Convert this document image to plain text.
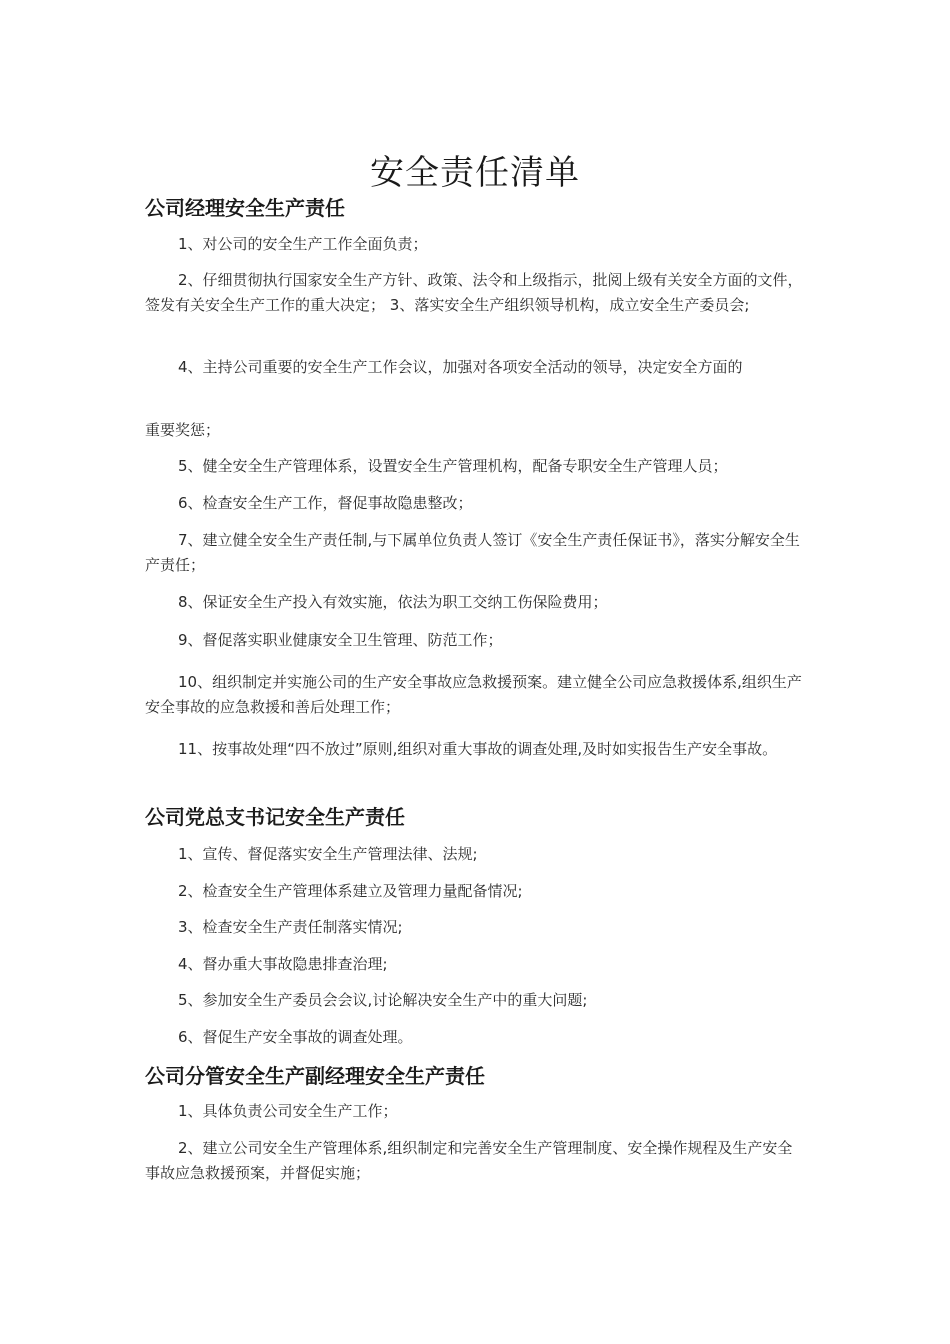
安全责任清单
公司经理安全生产责任

1、对公司的安全生产工作全面负责；

2、仔细贯彻执行国家安全生产方针、政策、法令和上级指示，批阅上级有关安全方面的文件，签发有关安全生产工作的重大决定； 3、落实安全生产组织领导机构，成立安全生产委员会;

4、主持公司重要的安全生产工作会议，加强对各项安全活动的领导，决定安全方面的

重要奖惩；

5、健全安全生产管理体系，设置安全生产管理机构，配备专职安全生产管理人员；

6、检查安全生产工作，督促事故隐患整改；

7、建立健全安全生产责任制,与下属单位负责人签订《安全生产责任保证书》，落实分解安全生产责任；

8、保证安全生产投入有效实施，依法为职工交纳工伤保险费用；

9、督促落实职业健康安全卫生管理、防范工作；

10、组织制定并实施公司的生产安全事故应急救援预案。建立健全公司应急救援体系,组织生产安全事故的应急救援和善后处理工作；

11、按事故处理“四不放过”原则,组织对重大事故的调查处理,及时如实报告生产安全事故。

公司党总支书记安全生产责任

1、宣传、督促落实安全生产管理法律、法规;

2、检查安全生产管理体系建立及管理力量配备情况;

3、检查安全生产责任制落实情况;

4、督办重大事故隐患排查治理;

5、参加安全生产委员会会议,讨论解决安全生产中的重大问题;

6、督促生产安全事故的调查处理。

公司分管安全生产副经理安全生产责任

1、具体负责公司安全生产工作；

2、建立公司安全生产管理体系,组织制定和完善安全生产管理制度、安全操作规程及生产安全事故应急救援预案，并督促实施；
